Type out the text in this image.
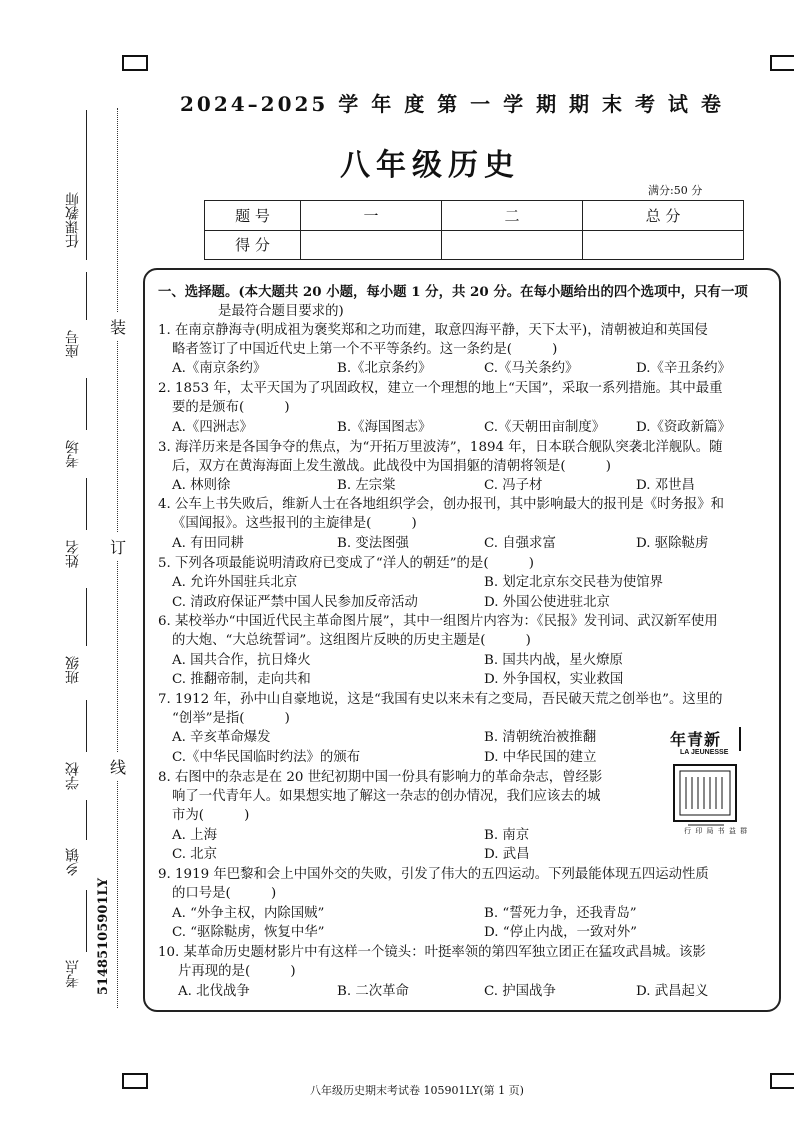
2024–2025 学 年 度 第 一 学 期 期 末 考 试 卷
八年级历史
满分:50 分
题 号	一	二	总 分
得 分			
任课教师
座号
考场
姓名
班级
学校
乡镇
考点
装
订
线
5148510590​1LY
一、选择题。(本大题共 20 小题，每小题 1 分，共 20 分。在每小题给出的四个选项中，只有一项
是最符合题目要求的)
1. 在南京静海寺(明成祖为褒奖郑和之功而建，取意四海平静，天下太平)，清朝被迫和英国侵
略者签订了中国近代史上第一个不平等条约。这一条约是(　　　)
A.《南京条约》	B.《北京条约》	C.《马关条约》	D.《辛丑条约》
2. 1853 年，太平天国为了巩固政权，建立一个理想的地上“天国”，采取一系列措施。其中最重
要的是颁布(　　　)
A.《四洲志》	B.《海国图志》	C.《天朝田亩制度》 D.《资政新篇》
3. 海洋历来是各国争夺的焦点，为“开拓万里波涛”，1894 年，日本联合舰队突袭北洋舰队。随
后，双方在黄海海面上发生激战。此战役中为国捐躯的清朝将领是(　　　)
A. 林则徐	B. 左宗棠	C. 冯子材	D. 邓世昌
4. 公车上书失败后，维新人士在各地组织学会，创办报刊，其中影响最大的报刊是《时务报》和
《国闻报》。这些报刊的主旋律是(　　　)
A. 有田同耕	B. 变法图强	C. 自强求富	D. 驱除鞑虏
5. 下列各项最能说明清政府已变成了“洋人的朝廷”的是(　　　)
A. 允许外国驻兵北京	B. 划定北京东交民巷为使馆界
C. 清政府保证严禁中国人民参加反帝活动	D. 外国公使进驻北京
6. 某校举办“中国近代民主革命图片展”，其中一组图片内容为：《民报》发刊词、武汉新军使用
的大炮、“大总统誓词”。这组图片反映的历史主题是(　　　)
A. 国共合作，抗日烽火	B. 国共内战，星火燎原
C. 推翻帝制，走向共和	D. 外争国权，实业救国
7. 1912 年，孙中山自豪地说，这是“我国有史以来未有之变局，吾民破天荒之创举也”。这里的
“创举”是指(　　　)
A. 辛亥革命爆发	B. 清朝统治被推翻
C.《中华民国临时约法》的颁布	D. 中华民国的建立
年青新
LA JEUNESSE
行 印 局 书 益 群
8. 右图中的杂志是在 20 世纪初期中国一份具有影响力的革命杂志，曾经影
响了一代青年人。如果想实地了解这一杂志的创办情况，我们应该去的城
市为(　　　)
A. 上海	B. 南京
C. 北京	D. 武昌
9. 1919 年巴黎和会上中国外交的失败，引发了伟大的五四运动。下列最能体现五四运动性质
的口号是(　　　)
A. “外争主权，内除国贼”	B. “誓死力争，还我青岛”
C. “驱除鞑虏，恢复中华”	D. “停止内战，一致对外”
10. 某革命历史题材影片中有这样一个镜头：叶挺率领的第四军独立团正在猛攻武昌城。该影
片再现的是(　　　)
A. 北伐战争	B. 二次革命	C. 护国战争	D. 武昌起义
八年级历史期末考试卷 105901LY(第 1 页)
